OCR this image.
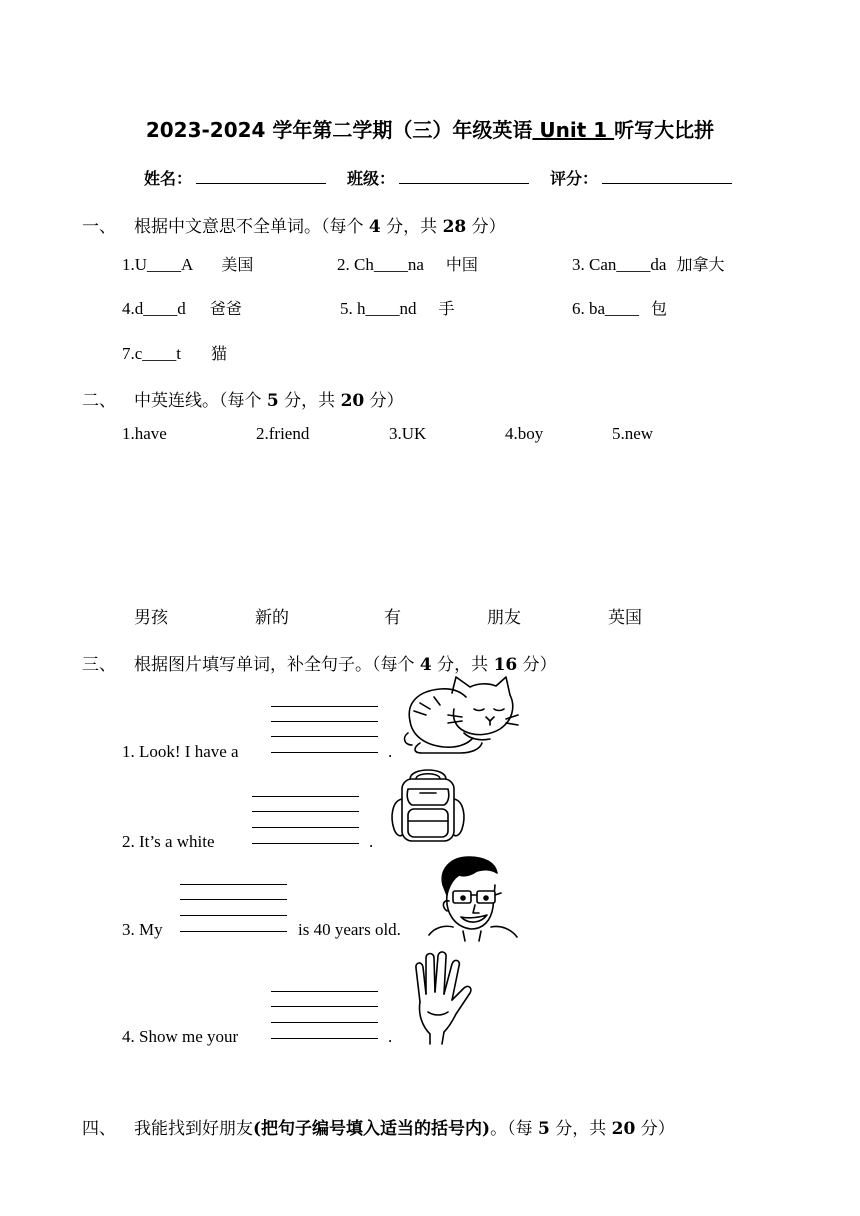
2023-2024 学年第二学期（三）年级英语 Unit 1 听写大比拼
姓名：	班级：	评分：
一、 根据中文意思不全单词。（每个 4 分，共 28 分）
1.U____A 美国	2. Ch____na 中国	3. Can____da 加拿大
4.d____d 爸爸	5. h____nd 手	6. ba____ 包
7.c____t 猫
二、 中英连线。（每个 5 分，共 20 分）
1.have	2.friend	3.UK	4.boy	5.new
男孩	新的	有	朋友	英国
三、 根据图片填写单词，补全句子。（每个 4 分，共 16 分）
1. Look! I have a	.
2. It’s a white	.
3. My	is 40 years old.
4. Show me your	.
四、 我能找到好朋友(把句子编号填入适当的括号内)。（每 5 分，共 20 分）
